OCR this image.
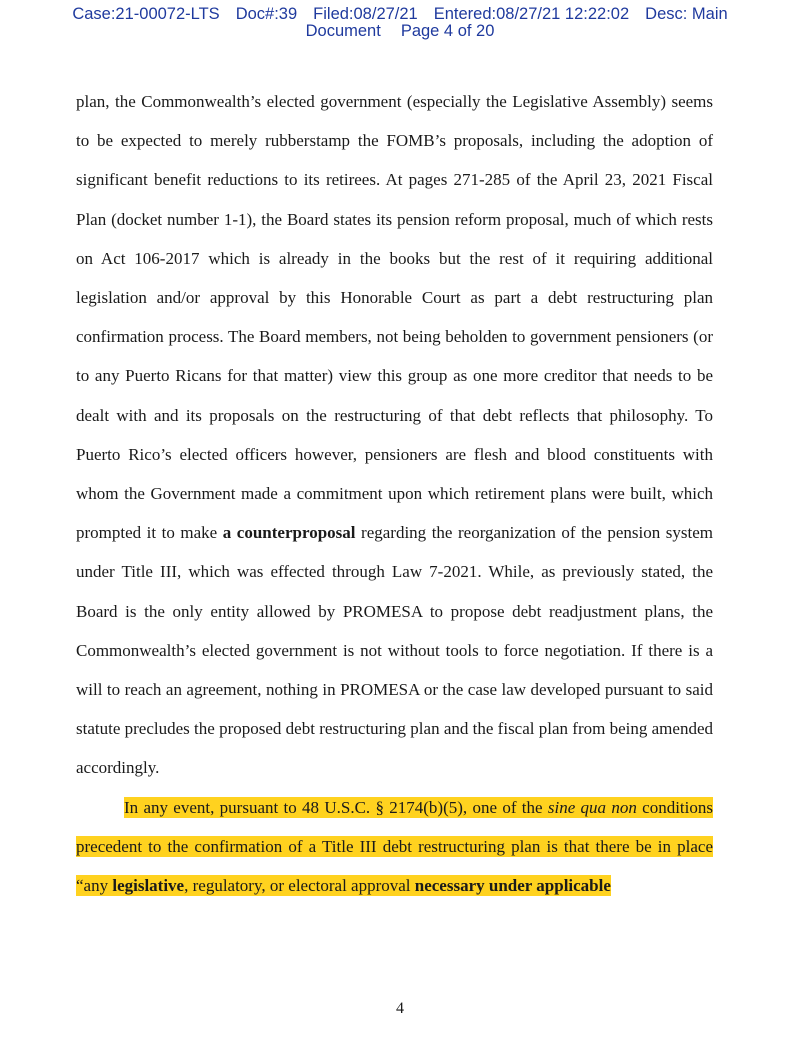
Case:21-00072-LTS Doc#:39 Filed:08/27/21 Entered:08/27/21 12:22:02 Desc: Main
Document Page 4 of 20

plan, the Commonwealth’s elected government (especially the Legislative Assembly) seems to be expected to merely rubberstamp the FOMB’s proposals, including the adoption of significant benefit reductions to its retirees. At pages 271-285 of the April 23, 2021 Fiscal Plan (docket number 1-1), the Board states its pension reform proposal, much of which rests on Act 106-2017 which is already in the books but the rest of it requiring additional legislation and/or approval by this Honorable Court as part a debt restructuring plan confirmation process. The Board members, not being beholden to government pensioners (or to any Puerto Ricans for that matter) view this group as one more creditor that needs to be dealt with and its proposals on the restructuring of that debt reflects that philosophy. To Puerto Rico’s elected officers however, pensioners are flesh and blood constituents with whom the Government made a commitment upon which retirement plans were built, which prompted it to make a counterproposal regarding the reorganization of the pension system under Title III, which was effected through Law 7-2021. While, as previously stated, the Board is the only entity allowed by PROMESA to propose debt readjustment plans, the Commonwealth’s elected government is not without tools to force negotiation. If there is a will to reach an agreement, nothing in PROMESA or the case law developed pursuant to said statute precludes the proposed debt restructuring plan and the fiscal plan from being amended accordingly.

In any event, pursuant to 48 U.S.C. § 2174(b)(5), one of the sine qua non conditions precedent to the confirmation of a Title III debt restructuring plan is that there be in place “any legislative, regulatory, or electoral approval necessary under applicable

4
